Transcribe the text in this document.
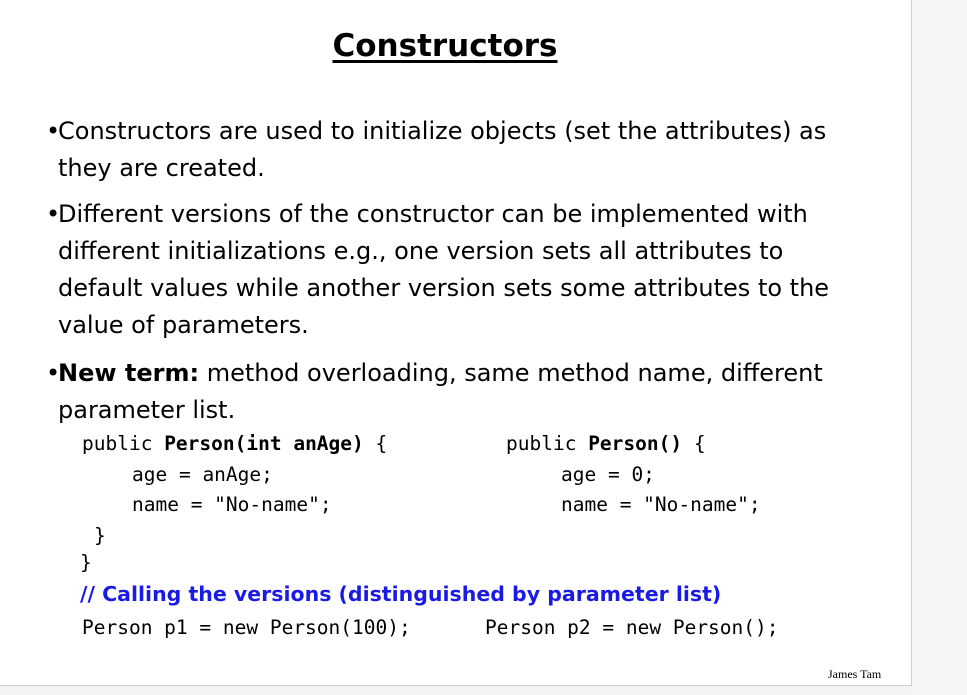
Constructors
•
Constructors are used to initialize objects (set the attributes) as they are created.
•
Different versions of the constructor can be implemented with different initializations e.g., one version sets all attributes to default values while another version sets some attributes to the value of parameters.
•
New term: method overloading, same method name, different parameter list.
public Person(int anAge) {
age = anAge;
name = "No-name";
}
}
public Person() {
age = 0;
name = "No-name";
// Calling the versions (distinguished by parameter list)
Person p1 = new Person(100);	Person p2 = new Person();
James Tam
